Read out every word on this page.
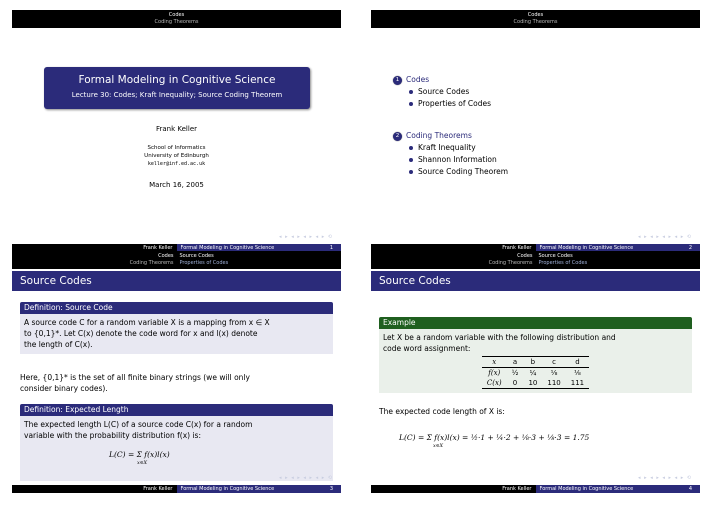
Codes
Coding Theorems
Formal Modeling in Cognitive Science
Lecture 30: Codes; Kraft Inequality; Source Coding Theorem
Frank Keller
School of Informatics
University of Edinburgh
keller@inf.ed.ac.uk
March 16, 2005
◂ ▸ ◂ ▸ ◂ ▸ ◂ ▸ ⟲
Frank Keller	Formal Modeling in Cognitive Science	1
Codes
Coding Theorems
1 Codes
Source Codes
Properties of Codes
2 Coding Theorems
Kraft Inequality
Shannon Information
Source Coding Theorem
◂ ▸ ◂ ▸ ◂ ▸ ◂ ▸ ⟲
Frank Keller	Formal Modeling in Cognitive Science	2
Codes	Source Codes
Coding Theorems	Properties of Codes
Source Codes
Definition: Source Code
A source code C for a random variable X is a mapping from x ∈ X
to {0,1}*. Let C(x) denote the code word for x and l(x) denote
the length of C(x).
Here, {0,1}* is the set of all finite binary strings (we will only
consider binary codes).
Definition: Expected Length
The expected length L(C) of a source code C(x) for a random
variable with the probability distribution f(x) is:
L(C) = Σ f(x)l(x)
x∈X
◂ ▸ ◂ ▸ ◂ ▸ ◂ ▸ ⟲
Frank Keller	Formal Modeling in Cognitive Science	3
Codes	Source Codes
Coding Theorems	Properties of Codes
Source Codes
Example
Let X be a random variable with the following distribution and
code word assignment:
x	a	b	c	d
f(x)	½	¼	⅛	⅛
C(x)	0	10	110	111
The expected code length of X is:
L(C) = Σ f(x)l(x) = ½·1 + ¼·2 + ⅛·3 + ⅛·3 = 1.75
x∈X
◂ ▸ ◂ ▸ ◂ ▸ ◂ ▸ ⟲
Frank Keller	Formal Modeling in Cognitive Science	4
